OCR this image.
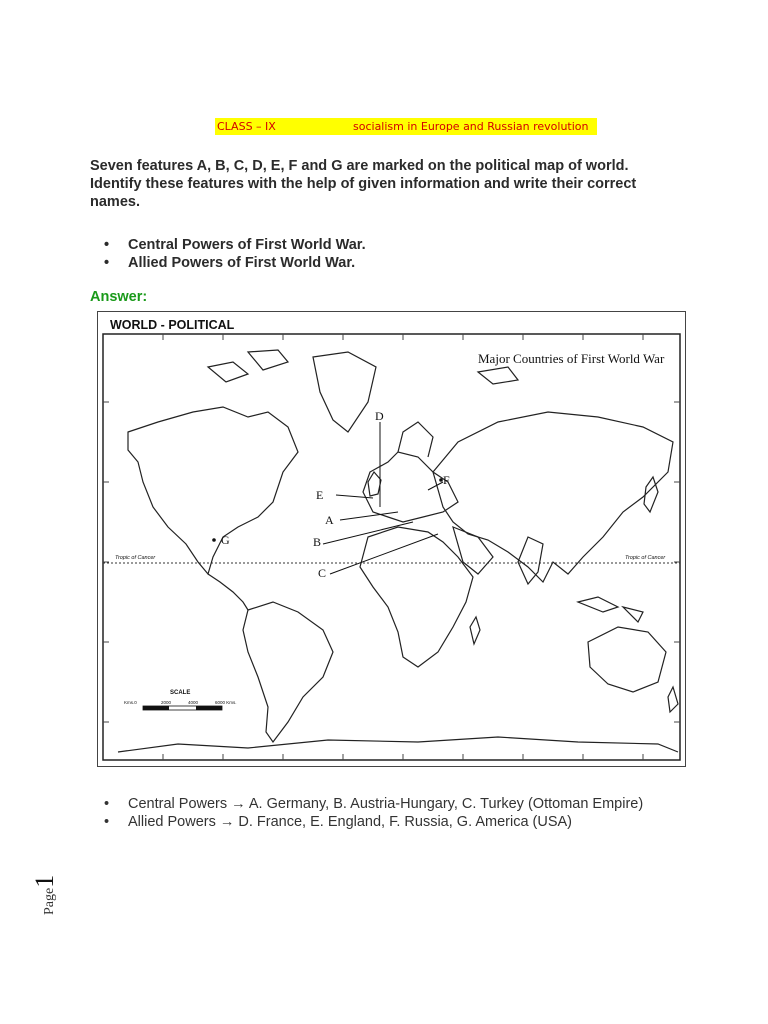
CLASS – IX	socialism in Europe and Russian revolution
Seven features A, B, C, D, E, F and G are marked on the political map of world. Identify these features with the help of given information and write their correct names.
• Central Powers of First World War.
• Allied Powers of First World War.
Answer:
WORLD - POLITICAL
Major Countries of First World War
Tropic of Cancer	Tropic of Cancer
A
B
C
D
E
F
G
SCALE
Kms.0	2000	4000	6000 Kms.
• Central Powers → A. Germany, B. Austria-Hungary, C. Turkey (Ottoman Empire)
• Allied Powers → D. France, E. England, F. Russia, G. America (USA)
Page1
